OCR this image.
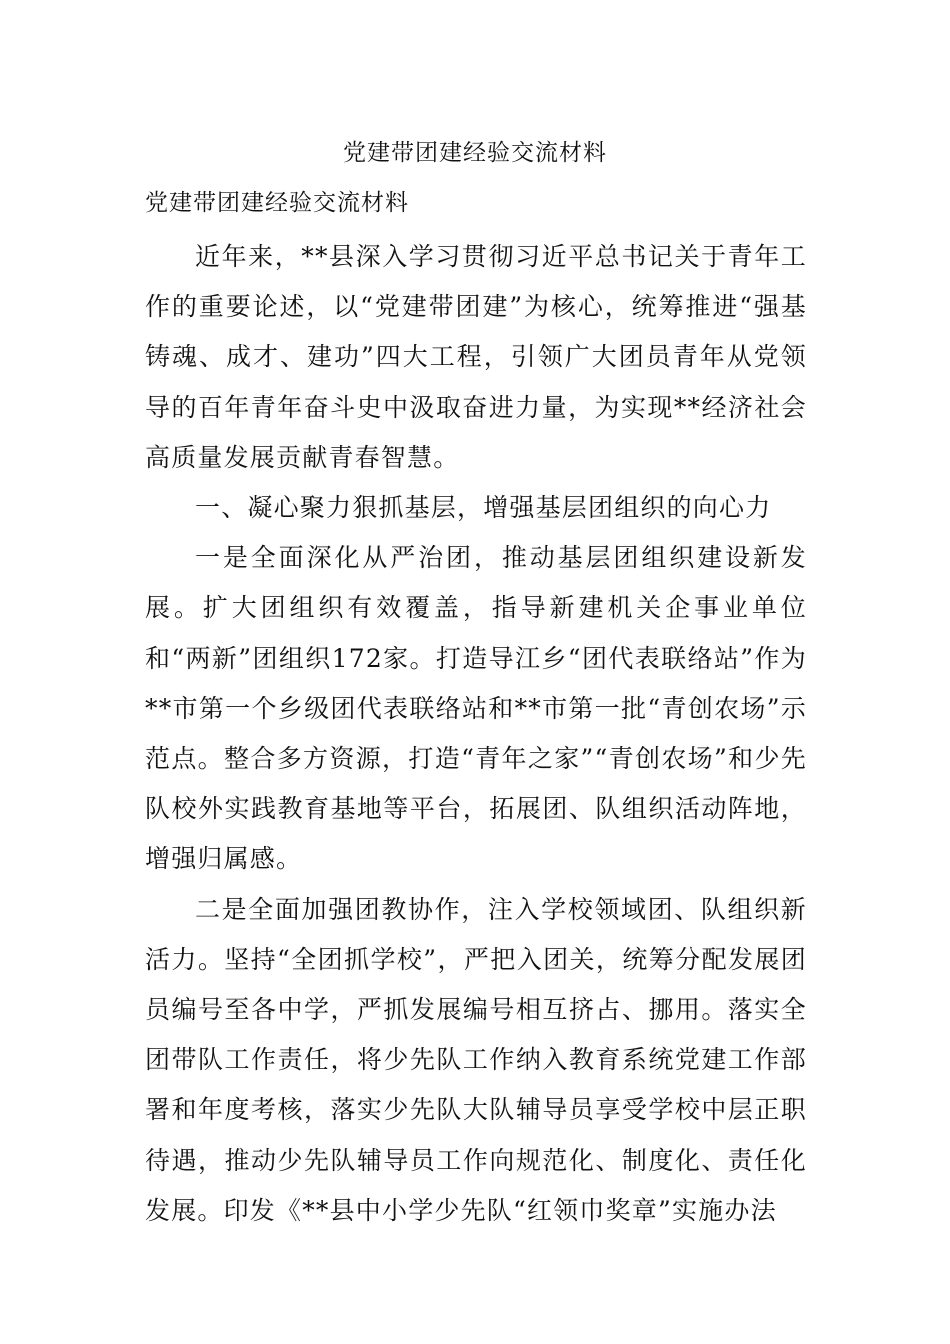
党建带团建经验交流材料
党建带团建经验交流材料

近年来，**县深入学习贯彻习近平总书记关于青年工作的重要论述，以“党建带团建”为核心，统筹推进“强基铸魂、成才、建功”四大工程，引领广大团员青年从党领导的百年青年奋斗史中汲取奋进力量，为实现**经济社会高质量发展贡献青春智慧。

一、凝心聚力狠抓基层，增强基层团组织的向心力

一是全面深化从严治团，推动基层团组织建设新发展。扩大团组织有效覆盖，指导新建机关企事业单位和“两新”团组织172家。打造导江乡“团代表联络站”作为**市第一个乡级团代表联络站和**市第一批“青创农场”示范点。整合多方资源，打造“青年之家”“青创农场”和少先队校外实践教育基地等平台，拓展团、队组织活动阵地，增强归属感。

二是全面加强团教协作，注入学校领域团、队组织新活力。坚持“全团抓学校”，严把入团关，统筹分配发展团员编号至各中学，严抓发展编号相互挤占、挪用。落实全团带队工作责任，将少先队工作纳入教育系统党建工作部署和年度考核，落实少先队大队辅导员享受学校中层正职待遇，推动少先队辅导员工作向规范化、制度化、责任化发展。印发《**县中小学少先队“红领巾奖章”实施办法
